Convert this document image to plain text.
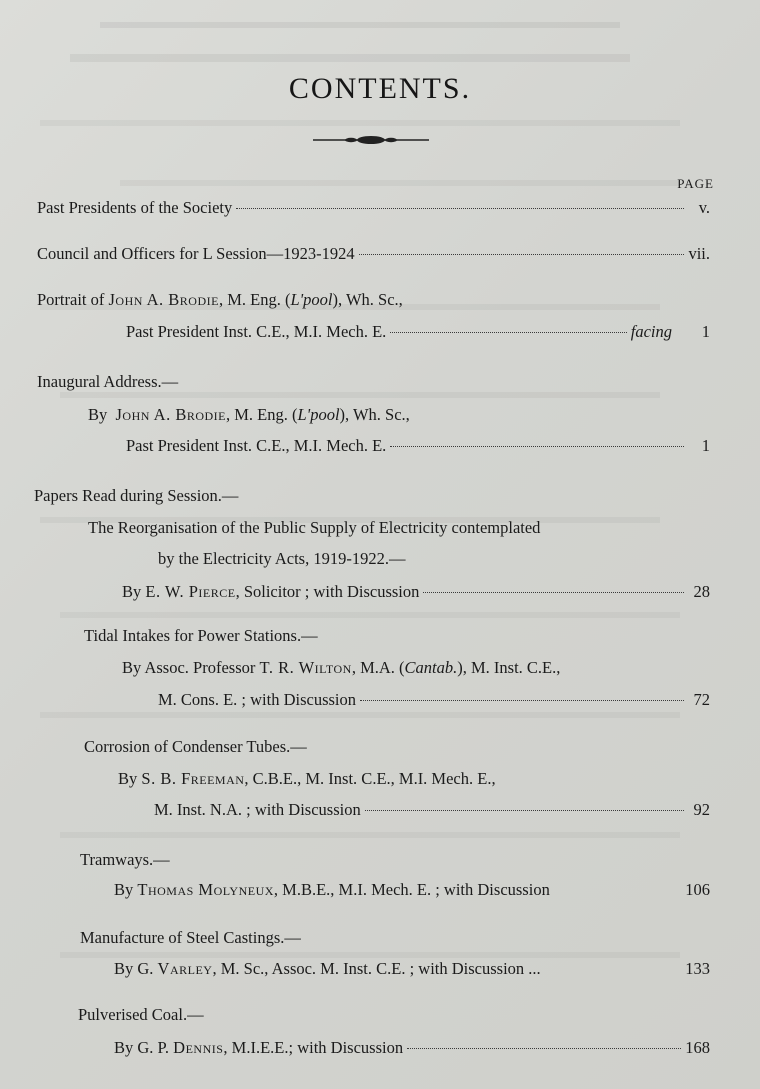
CONTENTS.
PAGE
Past Presidents of the Society	v.
Council and Officers for L Session—1923-1924	vii.
Portrait of John A. Brodie, M. Eng. (L'pool), Wh. Sc.,
Past President Inst. C.E., M.I. Mech. E.	facing	1
Inaugural Address.—
By John A. Brodie, M. Eng. (L'pool), Wh. Sc.,
Past President Inst. C.E., M.I. Mech. E.	1
Papers Read during Session.—
The Reorganisation of the Public Supply of Electricity contemplated
by the Electricity Acts, 1919-1922.—
By E. W. Pierce, Solicitor ; with Discussion	28
Tidal Intakes for Power Stations.—
By Assoc. Professor T. R. Wilton, M.A. (Cantab.), M. Inst. C.E.,
M. Cons. E. ; with Discussion	72
Corrosion of Condenser Tubes.—
By S. B. Freeman, C.B.E., M. Inst. C.E., M.I. Mech. E.,
M. Inst. N.A. ; with Discussion	92
Tramways.—
By Thomas Molyneux, M.B.E., M.I. Mech. E. ; with Discussion	106
Manufacture of Steel Castings.—
By G. Varley, M. Sc., Assoc. M. Inst. C.E. ; with Discussion ...	133
Pulverised Coal.—
By G. P. Dennis, M.I.E.E.; with Discussion	168
